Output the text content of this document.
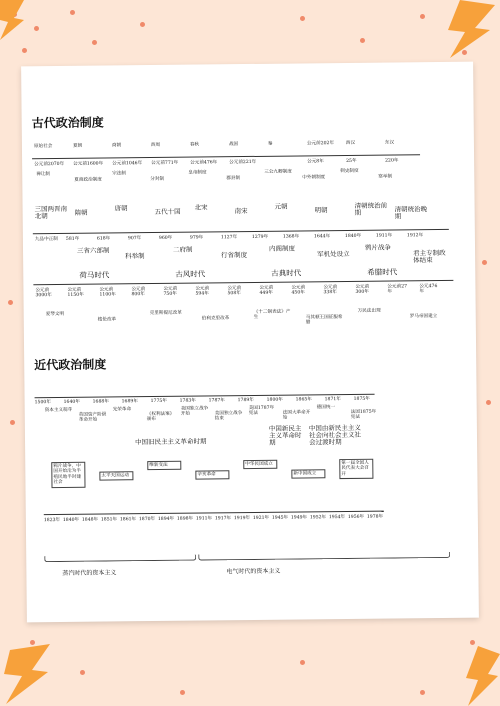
古代政治制度
近代政治制度
中国旧民主主义革命时期
中国新民主主义革命时期
中国由新民主主义社会向社会主义社会过渡时期
蒸汽时代的资本主义	电气时代的资本主义
原始社会	夏朝	商朝	西周	春秋	战国	秦	公元前202年	西汉	东汉
公元前2070年 公元前1600年 公元前1046年 公元前771年	公元前476年	公元前221年	公元8年	25年	220年
禅让制
夏商政治制度
宗法制
分封制
皇帝制度
郡县制
三公九卿制度
中外朝制度
刺史制度
察举制
三国两晋南北朝	隋朝
唐朝	五代十国
北宋	南宋
元朝	明朝
清朝统治前期	清朝统治晚期
九品中正制 581年	618年	907年	960年	979年	1127年	1279年	1368年	1644年	1840年	1911年	1912年
三省六部制
科举制
二府制
行省制度
内阁制度
军机处设立
鸦片战争
君主专制政体结束
荷马时代	古风时代	古典时代	希腊时代
公元前3000年
公元前1150年
公元前1100年
公元前800年
公元前750年
公元前594年
公元前508年
公元前449年
公元前450年
公元前338年
公元前300年
公元前27年
公元476年
爱琴文明
梭伦改革
克里斯提尼改革
伯利克里改革
《十二铜表法》产生	马其顿王国征服希腊
万民法出现
罗马帝国建立
1500年	1640年	1688年	1689年	1775年	1783年	1787年	1789年	1800年	1865年	1871年	1875年
资本主义萌芽
英国资产阶级革命开始
光荣革命
《权利法案》颁布
美国独立战争开始	美国独立战争结束
美国1787年宪法	法国大革命开始
德国统一
法国1875年宪法
鸦片战争，中国开始沦为半殖民地半封建社会
太平天国运动
维新变法
辛亥革命
中华民国成立
新中国成立
第一届全国人民代表大会召开
1823年 1840年 1848年 1851年 1861年 1870年 1894年 1898年 1911年 1917年 1919年 1921年 1945年 1949年 1952年 1954年 1956年 1978年
